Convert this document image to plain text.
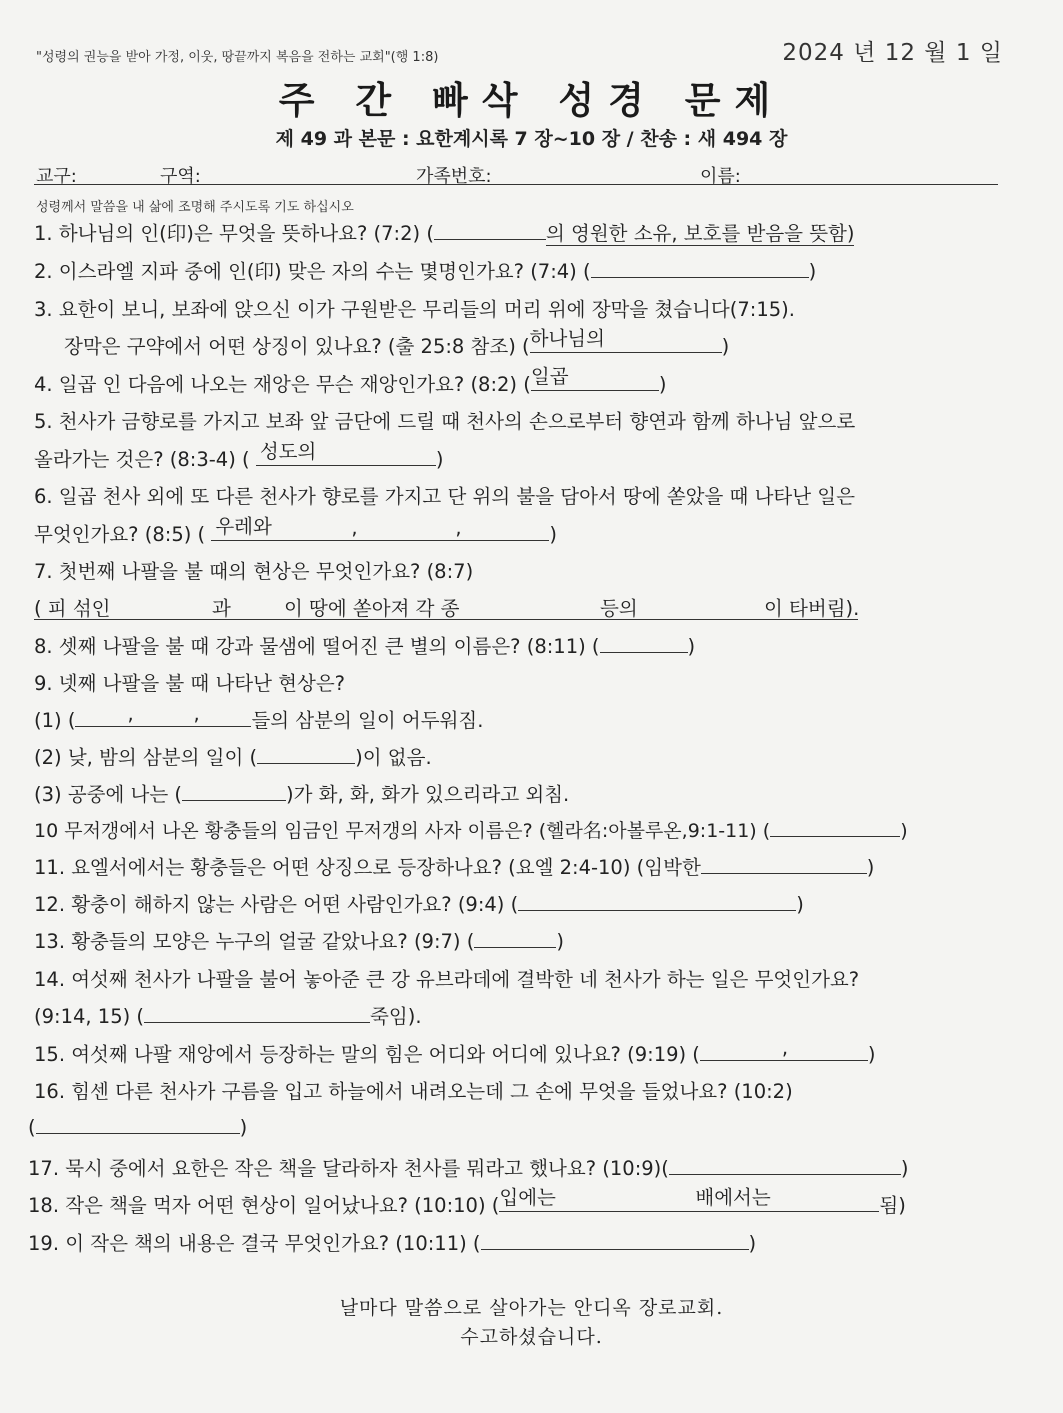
"성령의 권능을 받아 가정, 이웃, 땅끝까지 복음을 전하는 교회"(행 1:8)	2024 년 12 월 1 일
주 간 빠삭 성경 문제
제 49 과 본문 : 요한계시록 7 장~10 장 / 찬송 : 새 494 장
교구:	구역:	가족번호:	이름:
성령께서 말씀을 내 삶에 조명해 주시도록 기도 하십시오
1. 하나님의 인(印)은 무엇을 뜻하나요? (7:2) (	의 영원한 소유, 보호를 받음을 뜻함)
2. 이스라엘 지파 중에 인(印) 맞은 자의 수는 몇명인가요? (7:4) (	)
3. 요한이 보니, 보좌에 앉으신 이가 구원받은 무리들의 머리 위에 장막을 쳤습니다(7:15).
장막은 구약에서 어떤 상징이 있나요? (출 25:8 참조) ( 하나님의	)
4. 일곱 인 다음에 나오는 재앙은 무슨 재앙인가요? (8:2) ( 일곱	)
5. 천사가 금향로를 가지고 보좌 앞 금단에 드릴 때 천사의 손으로부터 향연과 함께 하나님 앞으로
올라가는 것은? (8:3-4) ( 성도의	)
6. 일곱 천사 외에 또 다른 천사가 향로를 가지고 단 위의 불을 담아서 땅에 쏟았을 때 나타난 일은
무엇인가요? (8:5) ( 우레와	,	,	)
7. 첫번째 나팔을 불 때의 현상은 무엇인가요? (8:7)
( 피 섞인	과	이 땅에 쏟아져 각 종	등의	이 타버림).
8. 셋째 나팔을 불 때 강과 물샘에 떨어진 큰 별의 이름은? (8:11) (	)
9. 넷째 나팔을 불 때 나타난 현상은?
(1) (	,	,	들의 삼분의 일이 어두워짐.
(2) 낮, 밤의 삼분의 일이 (	)이 없음.
(3) 공중에 나는 (	)가 화, 화, 화가 있으리라고 외침.
10 무저갱에서 나온 황충들의 임금인 무저갱의 사자 이름은? (헬라名:아볼루온,9:1-11) (	)
11. 요엘서에서는 황충들은 어떤 상징으로 등장하나요? (요엘 2:4-10) (임박한	)
12. 황충이 해하지 않는 사람은 어떤 사람인가요? (9:4) (	)
13. 황충들의 모양은 누구의 얼굴 같았나요? (9:7) (	)
14. 여섯째 천사가 나팔을 불어 놓아준 큰 강 유브라데에 결박한 네 천사가 하는 일은 무엇인가요?
(9:14, 15) (	죽임).
15. 여섯째 나팔 재앙에서 등장하는 말의 힘은 어디와 어디에 있나요? (9:19) (	,	)
16. 힘센 다른 천사가 구름을 입고 하늘에서 내려오는데 그 손에 무엇을 들었나요? (10:2)
(	)
17. 묵시 중에서 요한은 작은 책을 달라하자 천사를 뭐라고 했나요? (10:9)(	)
18. 작은 책을 먹자 어떤 현상이 일어났나요? (10:10) ( 입에는	배에서는	됨)
19. 이 작은 책의 내용은 결국 무엇인가요? (10:11) (	)
날마다 말씀으로 살아가는 안디옥 장로교회.
수고하셨습니다.
